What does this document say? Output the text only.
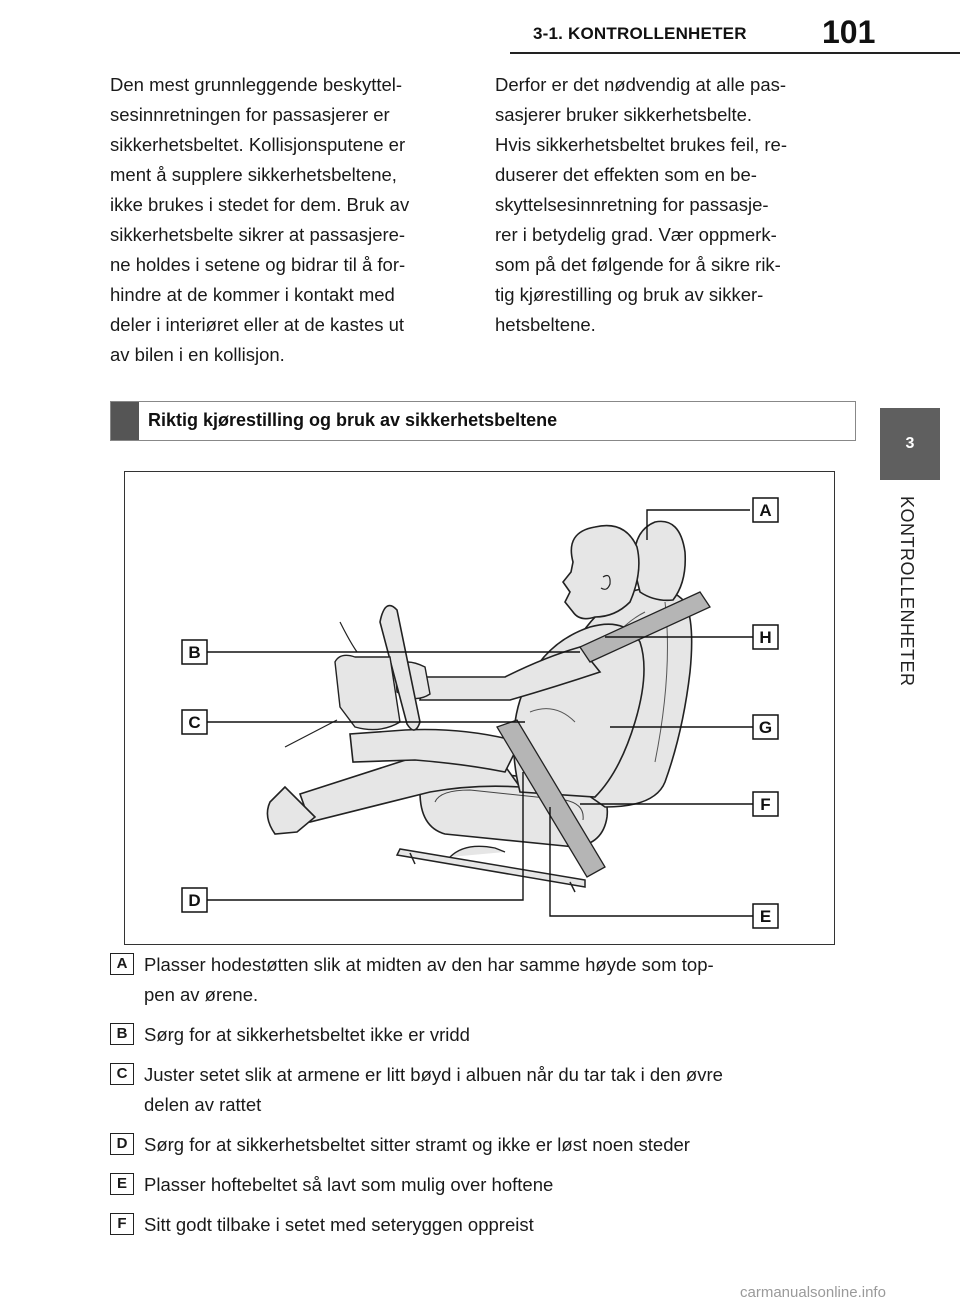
3-1. KONTROLLENHETER 101
3
KONTROLLENHETER

Den mest grunnleggende beskyttel-
sesinnretningen for passasjerer er
sikkerhetsbeltet. Kollisjonsputene er
ment å supplere sikkerhetsbeltene,
ikke brukes i stedet for dem. Bruk av
sikkerhetsbelte sikrer at passasjere-
ne holdes i setene og bidrar til å for-
hindre at de kommer i kontakt med
deler i interiøret eller at de kastes ut
av bilen i en kollisjon.

Derfor er det nødvendig at alle pas-
sasjerer bruker sikkerhetsbelte.
Hvis sikkerhetsbeltet brukes feil, re-
duserer det effekten som en be-
skyttelsesinnretning for passasje-
rer i betydelig grad. Vær oppmerk-
som på det følgende for å sikre rik-
tig kjørestilling og bruk av sikker-
hetsbeltene.

Riktig kjørestilling og bruk av sikkerhetsbeltene
A
B
C
D
E
F
G
H
A Plasser hodestøtten slik at midten av den har samme høyde som top-
pen av ørene.
B Sørg for at sikkerhetsbeltet ikke er vridd
C Juster setet slik at armene er litt bøyd i albuen når du tar tak i den øvre
delen av rattet
D Sørg for at sikkerhetsbeltet sitter stramt og ikke er løst noen steder
E Plasser hoftebeltet så lavt som mulig over hoftene
F Sitt godt tilbake i setet med seteryggen oppreist
carmanualsonline.info
